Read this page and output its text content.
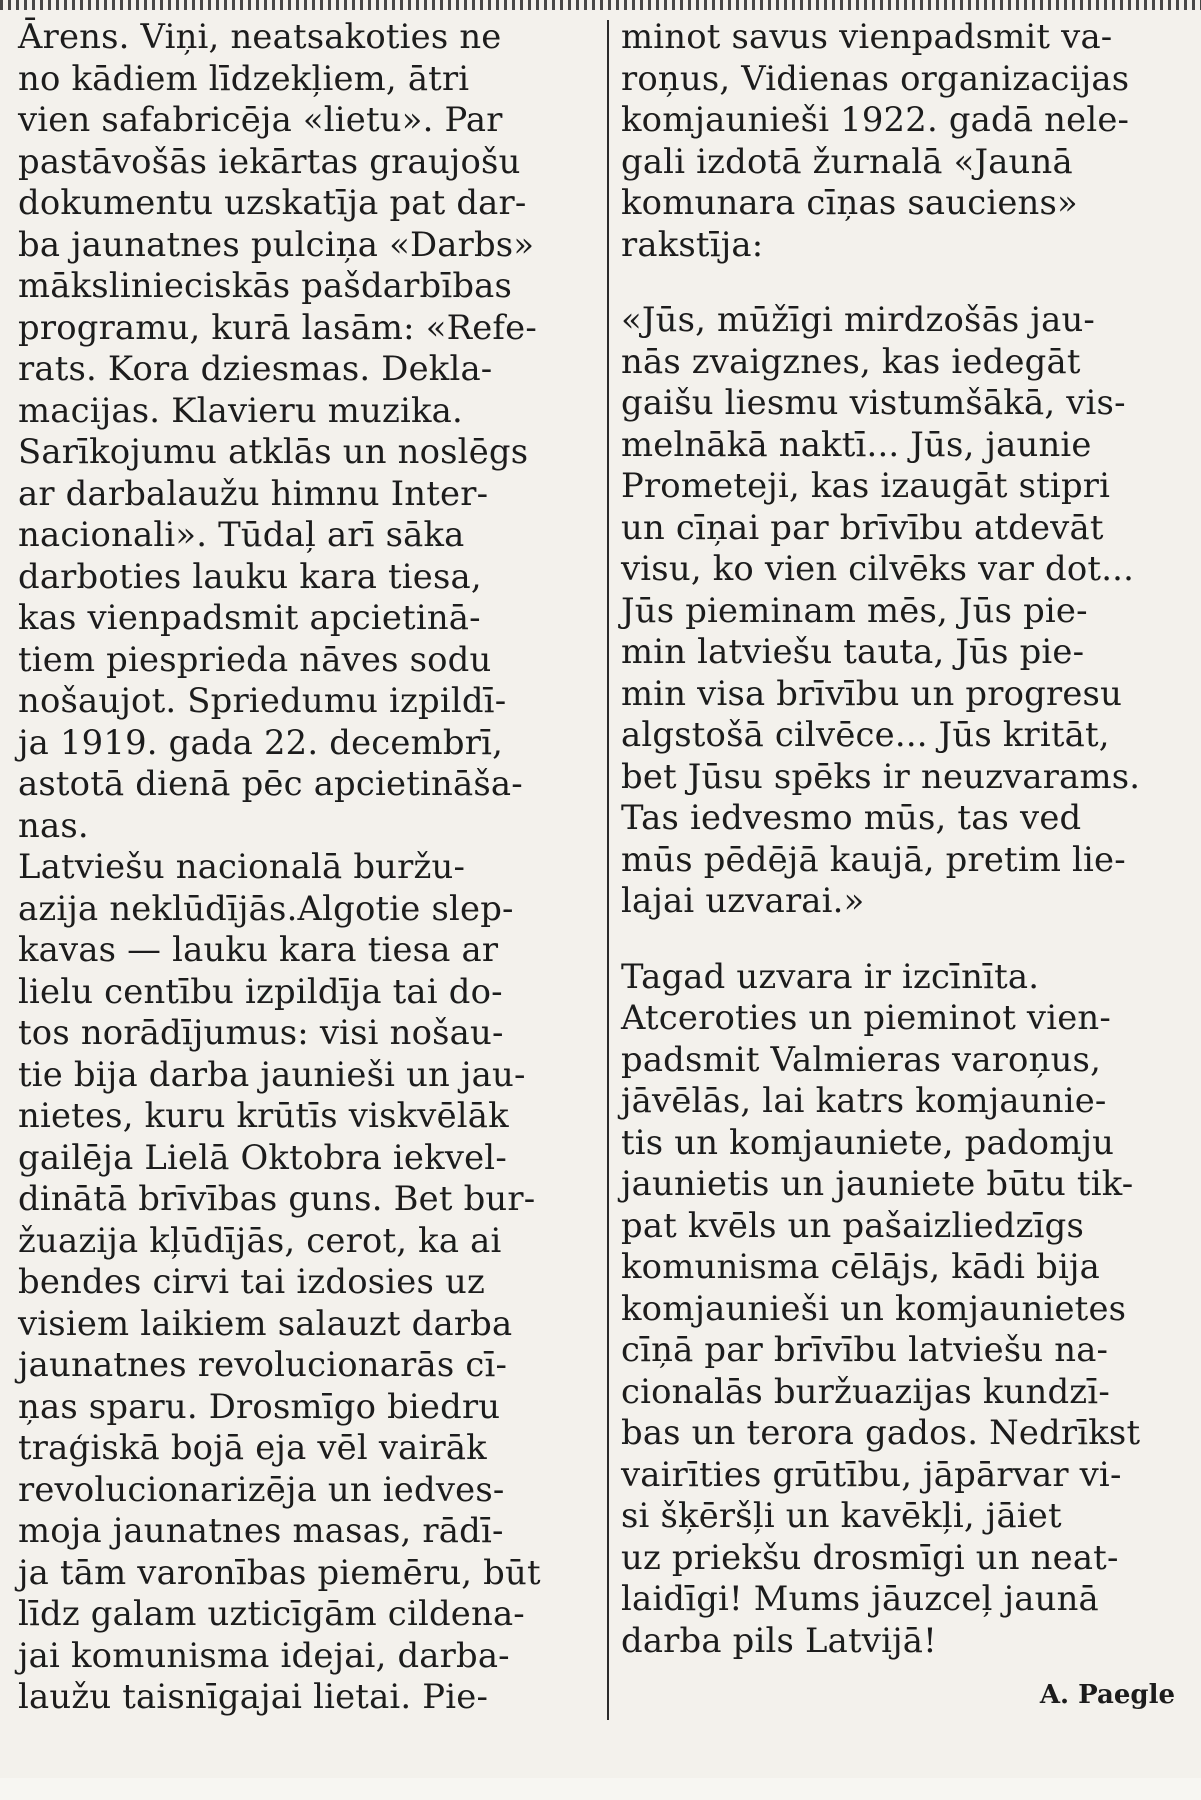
Ārens. Viņi, neatsakoties ne
no kādiem līdzekļiem, ātri
vien safabricēja «lietu». Par
pastāvošās iekārtas graujošu
dokumentu uzskatīja pat dar-
ba jaunatnes pulciņa «Darbs»
mākslinieciskās pašdarbības
programu, kurā lasām: «Refe-
rats. Kora dziesmas. Dekla-
macijas. Klavieru muzika.
Sarīkojumu atklās un noslēgs
ar darbalaužu himnu Inter-
nacionali». Tūdaļ arī sāka
darboties lauku kara tiesa,
kas vienpadsmit apcietinā-
tiem piesprieda nāves sodu
nošaujot. Spriedumu izpildī-
ja 1919. gada 22. decembrī,
astotā dienā pēc apcietināša-
nas.

Latviešu nacionalā buržu-
azija neklūdījās.Algotie slep-
kavas — lauku kara tiesa ar
lielu centību izpildīja tai do-
tos norādījumus: visi nošau-
tie bija darba jaunieši un jau-
nietes, kuru krūtīs viskvēlāk
gailēja Lielā Oktobra iekvel-
dinātā brīvības guns. Bet bur-
žuazija kļūdījās, cerot, ka ai
bendes cirvi tai izdosies uz
visiem laikiem salauzt darba
jaunatnes revolucionarās cī-
ņas sparu. Drosmīgo biedru
traģiskā bojā eja vēl vairāk
revolucionarizēja un iedves-
moja jaunatnes masas, rādī-
ja tām varonības piemēru, būt
līdz galam uzticīgām cildena-
jai komunisma idejai, darba-
laužu taisnīgajai lietai. Pie-

minot savus vienpadsmit va-
roņus, Vidienas organizacijas
komjaunieši 1922. gadā nele-
gali izdotā žurnalā «Jaunā
komunara cīņas sauciens»
rakstīja:

«Jūs, mūžīgi mirdzošās jau-
nās zvaigznes, kas iedegāt
gaišu liesmu vistumšākā, vis-
melnākā naktī... Jūs, jaunie
Prometeji, kas izaugāt stipri
un cīņai par brīvību atdevāt
visu, ko vien cilvēks var dot...
Jūs pieminam mēs, Jūs pie-
min latviešu tauta, Jūs pie-
min visa brīvību un progresu
algstošā cilvēce... Jūs kritāt,
bet Jūsu spēks ir neuzvarams.
Tas iedvesmo mūs, tas ved
mūs pēdējā kaujā, pretim lie-
lajai uzvarai.»

Tagad uzvara ir izcīnīta.
Atceroties un pieminot vien-
padsmit Valmieras varoņus,
jāvēlās, lai katrs komjaunie-
tis un komjauniete, padomju
jaunietis un jauniete būtu tik-
pat kvēls un pašaizliedzīgs
komunisma cēlājs, kādi bija
komjaunieši un komjaunietes
cīņā par brīvību latviešu na-
cionalās buržuazijas kundzī-
bas un terora gados. Nedrīkst
vairīties grūtību, jāpārvar vi-
si šķēršļi un kavēkļi, jāiet
uz priekšu drosmīgi un neat-
laidīgi! Mums jāuzceļ jaunā
darba pils Latvijā!

A. Paegle
